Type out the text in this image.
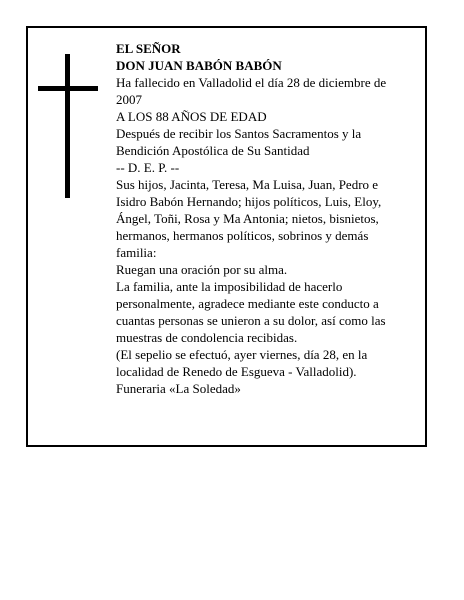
EL SEÑOR
DON JUAN BABÓN BABÓN
Ha fallecido en Valladolid el día 28 de diciembre de 2007
A LOS 88 AÑOS DE EDAD
Después de recibir los Santos Sacramentos y la Bendición Apostólica de Su Santidad
-- D. E. P. --
Sus hijos, Jacinta, Teresa, Ma Luisa, Juan, Pedro e Isidro Babón Hernando; hijos políticos, Luis, Eloy, Ángel, Toñi, Rosa y Ma Antonia; nietos, bisnietos, hermanos, hermanos políticos, sobrinos y demás familia:
Ruegan una oración por su alma.
La familia, ante la imposibilidad de hacerlo personalmente, agradece mediante este conducto a cuantas personas se unieron a su dolor, así como las muestras de condolencia recibidas.
(El sepelio se efectuó, ayer viernes, día 28, en la localidad de Renedo de Esgueva - Valladolid).
Funeraria «La Soledad»
